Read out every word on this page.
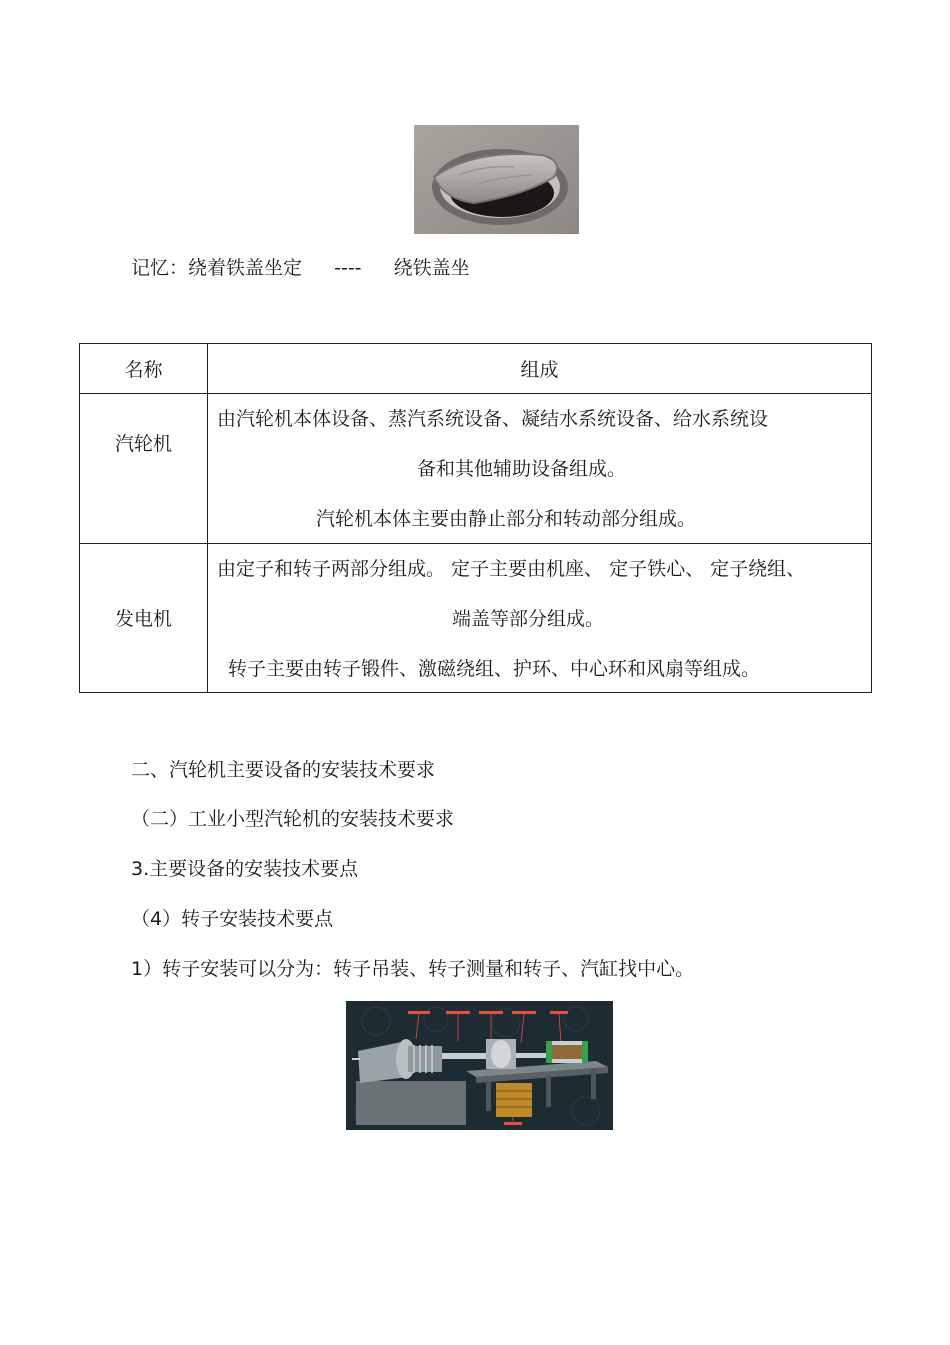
记忆：绕着铁盖坐定 ---- 绕铁盖坐
名称	组成

汽轮机	由汽轮机本体设备、蒸汽系统设备、凝结水系统设备、给水系统设
备和其他辅助设备组成。
汽轮机本体主要由静止部分和转动部分组成。

发电机	由定子和转子两部分组成。 定子主要由机座、 定子铁心、 定子绕组、
端盖等部分组成。
转子主要由转子锻件、激磁绕组、护环、中心环和风扇等组成。
二、汽轮机主要设备的安装技术要求
（二）工业小型汽轮机的安装技术要求
3.主要设备的安装技术要点
（4）转子安装技术要点
1）转子安装可以分为：转子吊装、转子测量和转子、汽缸找中心。
